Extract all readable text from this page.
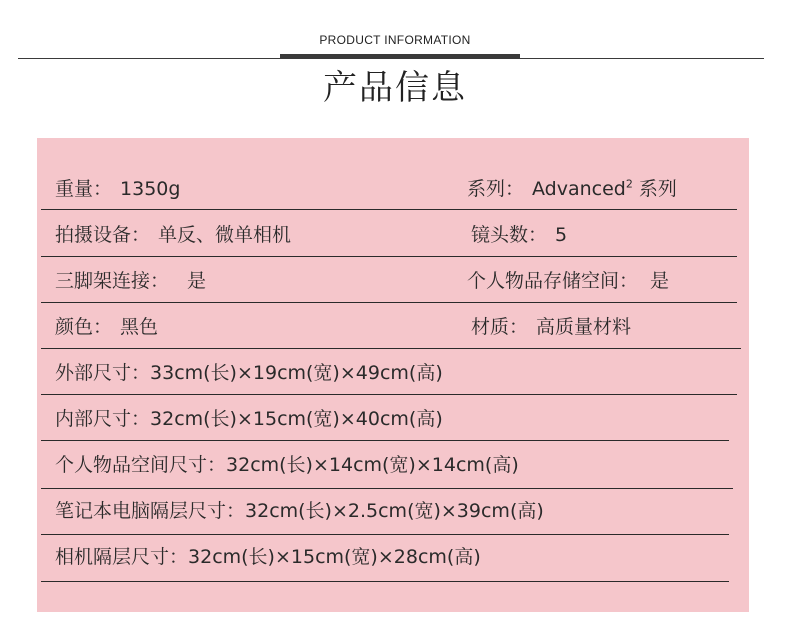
PRODUCT INFORMATION
产品信息
重量： 1350g	系列： Advanced$^2$ 系列
拍摄设备： 单反、微单相机	镜头数： 5
三脚架连接： 是	个人物品存储空间： 是
颜色： 黑色	材质： 高质量材料
外部尺寸：33cm(长)×19cm(宽)×49cm(高)
内部尺寸：32cm(长)×15cm(宽)×40cm(高)
个人物品空间尺寸：32cm(长)×14cm(宽)×14cm(高)
笔记本电脑隔层尺寸：32cm(长)×2.5cm(宽)×39cm(高)
相机隔层尺寸：32cm(长)×15cm(宽)×28cm(高)
